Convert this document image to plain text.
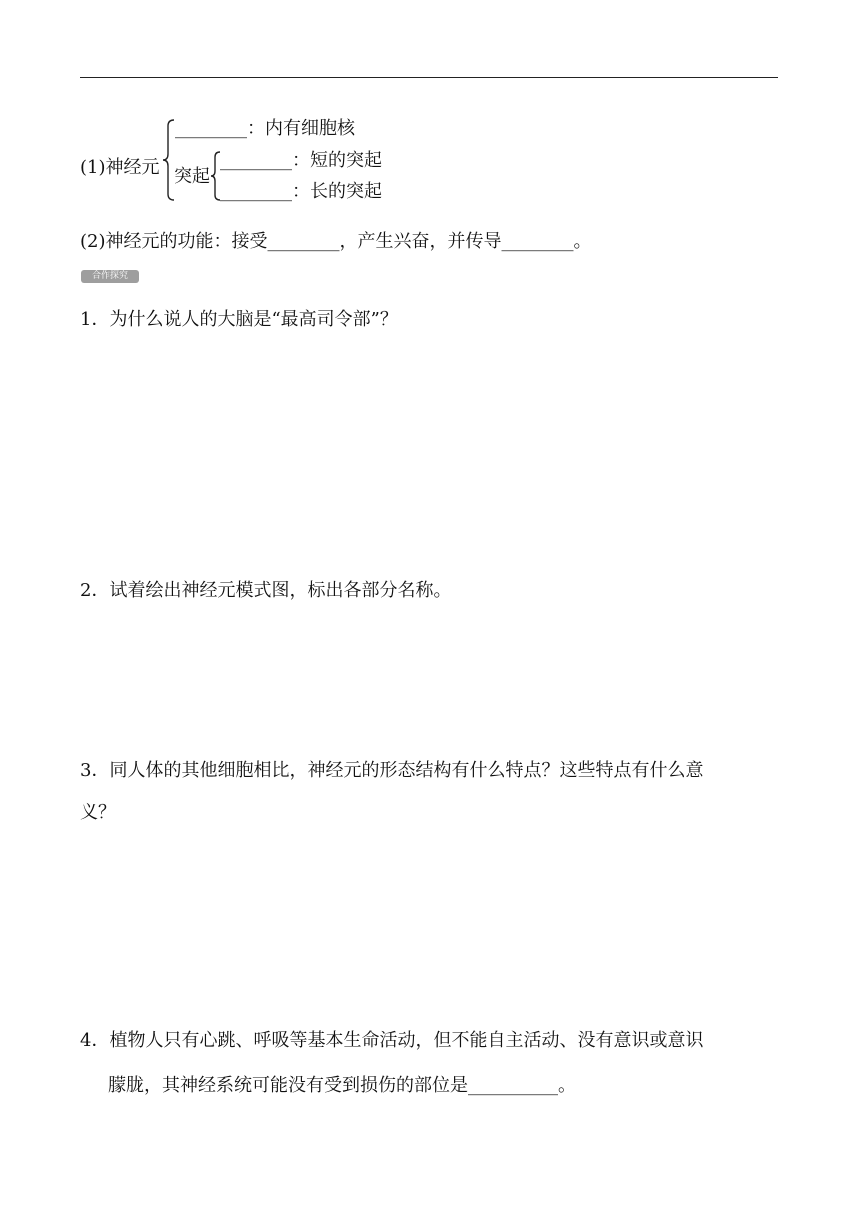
(1)神经元
________：内有细胞核
突起
________：短的突起
________：长的突起
(2)神经元的功能：接受________，产生兴奋，并传导________。
合作探究
1．为什么说人的大脑是“最高司令部”？
2．试着绘出神经元模式图，标出各部分名称。
3．同人体的其他细胞相比，神经元的形态结构有什么特点？这些特点有什么意
义？
4．植物人只有心跳、呼吸等基本生命活动，但不能自主活动、没有意识或意识
朦胧，其神经系统可能没有受到损伤的部位是__________。
